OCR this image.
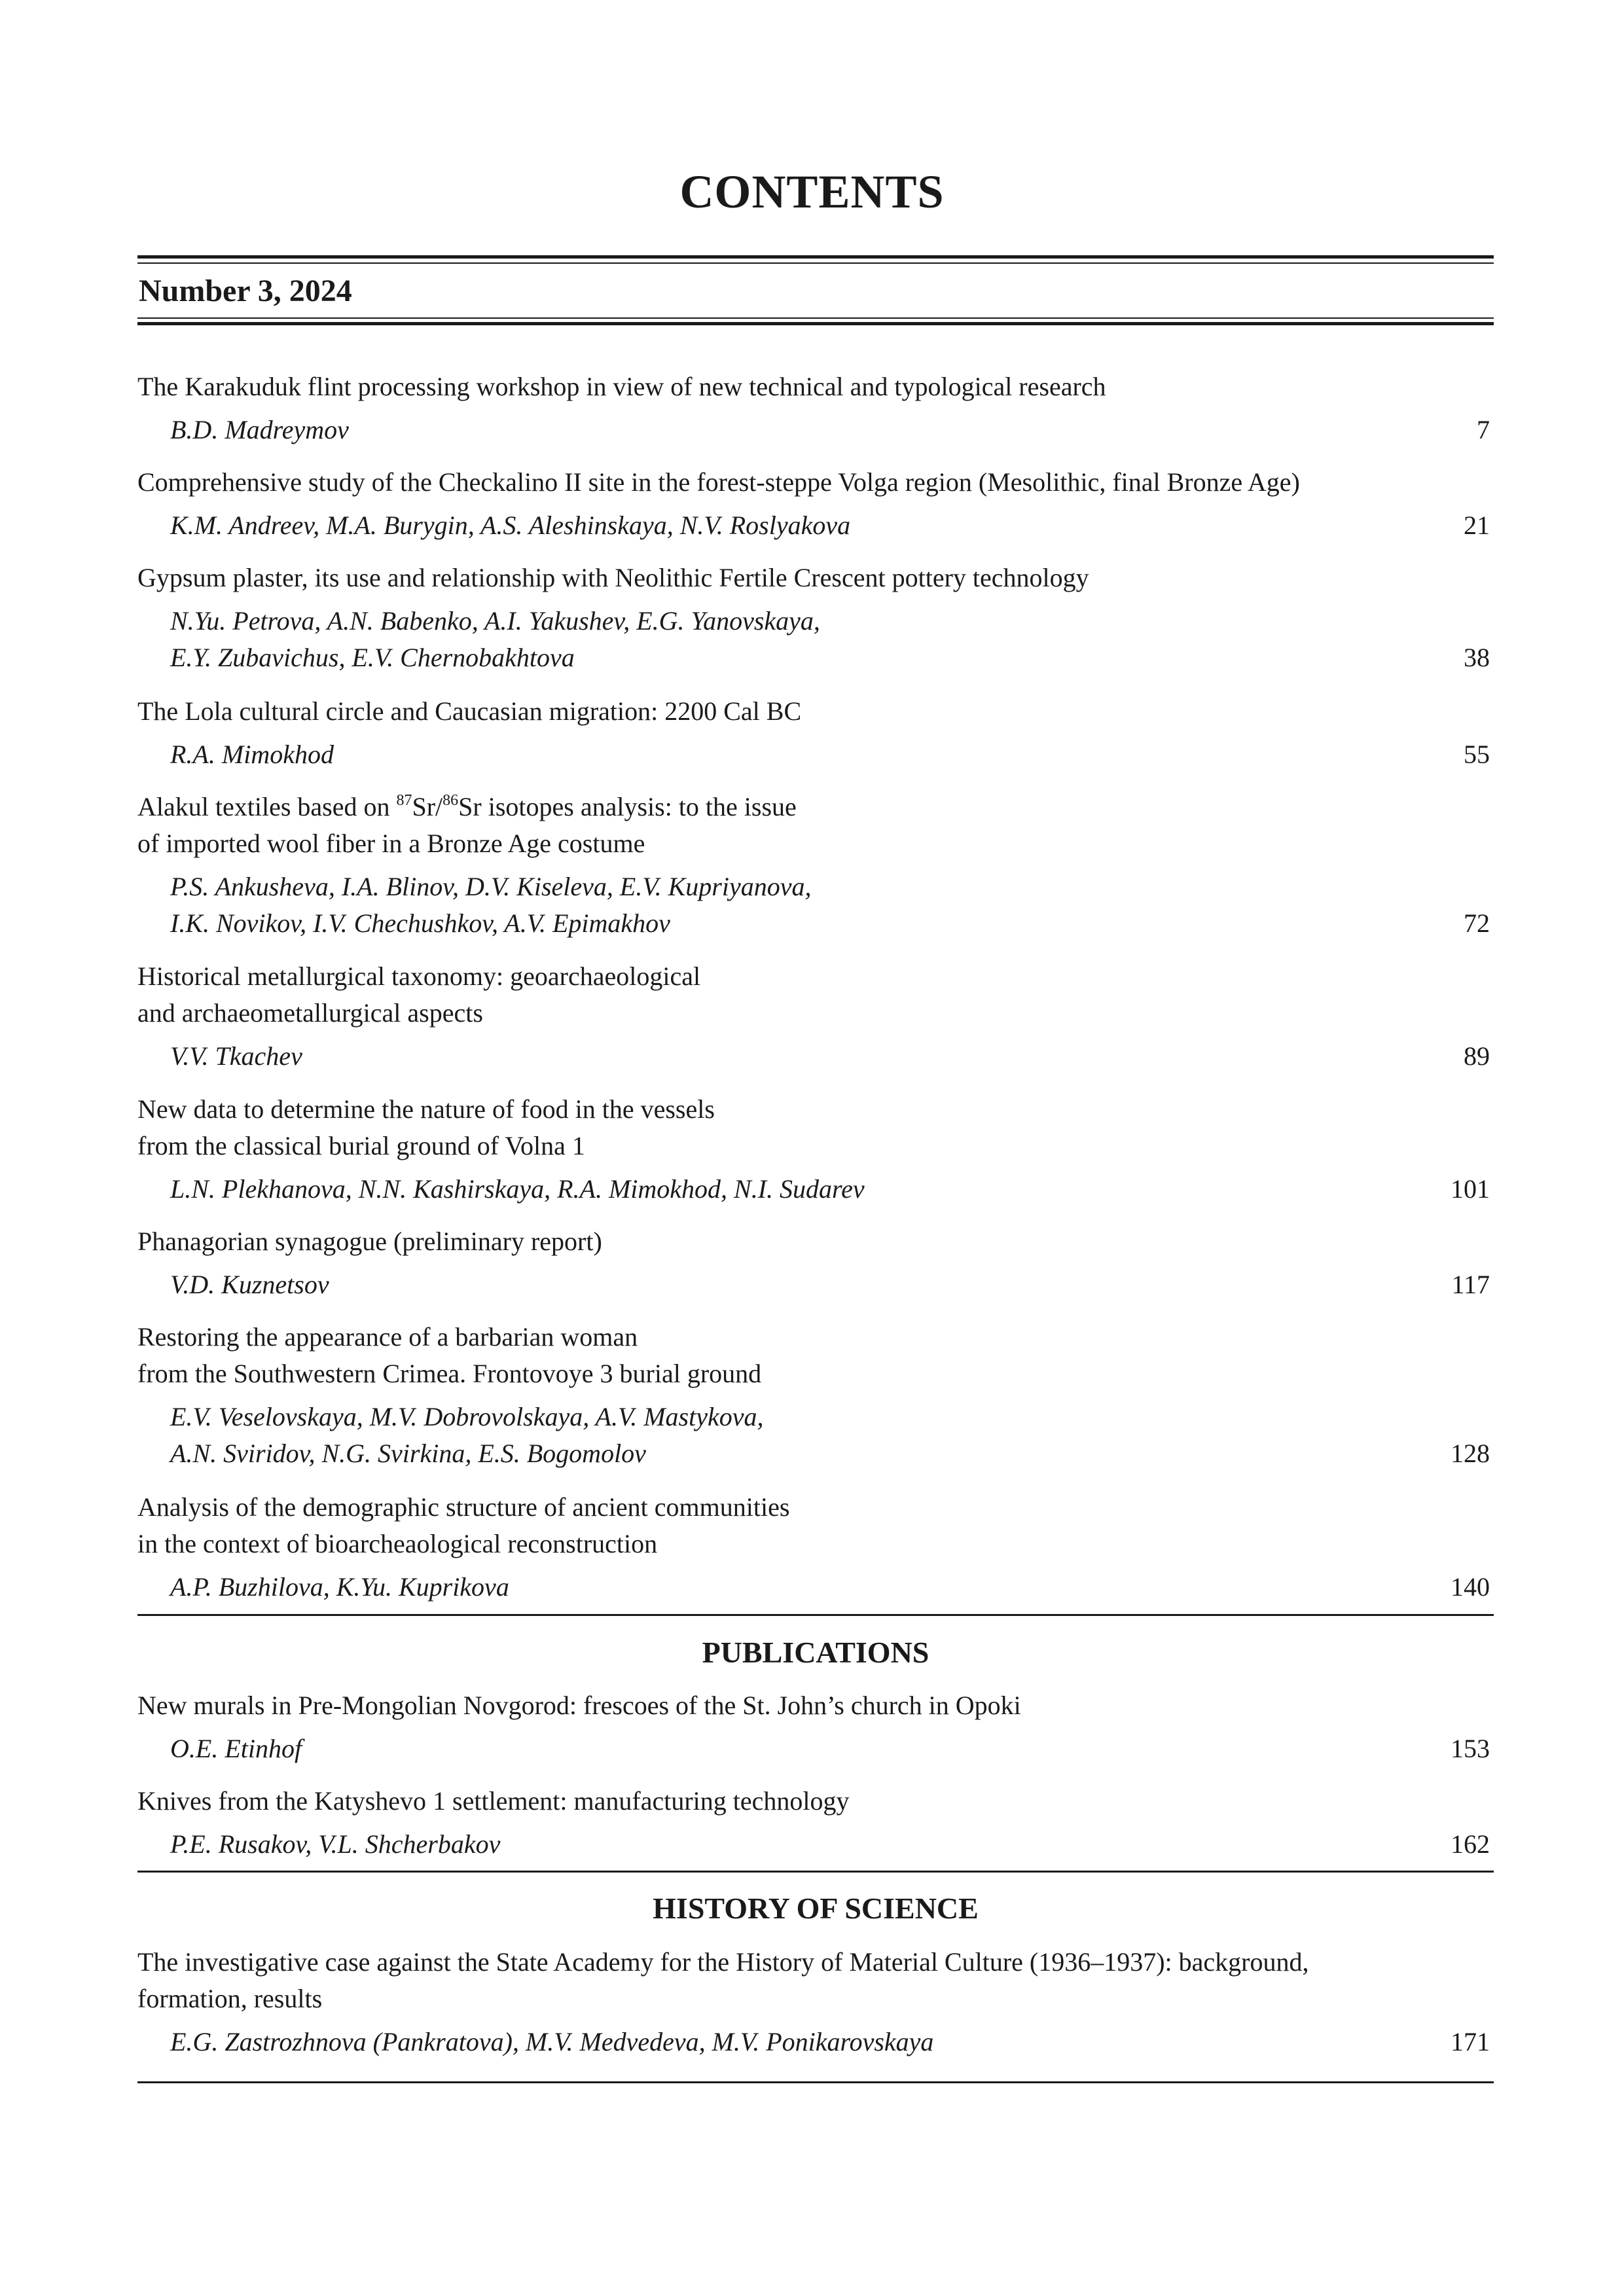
CONTENTS
Number 3, 2024
The Karakuduk flint processing workshop in view of new technical and typological research
B.D. Madreymov	7
Comprehensive study of the Checkalino II site in the forest-steppe Volga region (Mesolithic, final Bronze Age)
K.M. Andreev, M.A. Burygin, A.S. Aleshinskaya, N.V. Roslyakova	21
Gypsum plaster, its use and relationship with Neolithic Fertile Crescent pottery technology
N.Yu. Petrova, A.N. Babenko, A.I. Yakushev, E.G. Yanovskaya,
E.Y. Zubavichus, E.V. Chernobakhtova	38
The Lola cultural circle and Caucasian migration: 2200 Cal BC
R.A. Mimokhod	55
Alakul textiles based on $^{87}$Sr/$^{86}$Sr isotopes analysis: to the issue
of imported wool fiber in a Bronze Age costume
P.S. Ankusheva, I.A. Blinov, D.V. Kiseleva, E.V. Kupriyanova,
I.K. Novikov, I.V. Chechushkov, A.V. Epimakhov	72
Historical metallurgical taxonomy: geoarchaeological
and archaeometallurgical aspects
V.V. Tkachev	89
New data to determine the nature of food in the vessels
from the classical burial ground of Volna 1
L.N. Plekhanova, N.N. Kashirskaya, R.A. Mimokhod, N.I. Sudarev	101
Phanagorian synagogue (preliminary report)
V.D. Kuznetsov	117
Restoring the appearance of a barbarian woman
from the Southwestern Crimea. Frontovoye 3 burial ground
E.V. Veselovskaya, M.V. Dobrovolskaya, A.V. Mastykova,
A.N. Sviridov, N.G. Svirkina, E.S. Bogomolov	128
Analysis of the demographic structure of ancient communities
in the context of bioarcheaological reconstruction
A.P. Buzhilova, K.Yu. Kuprikova	140
PUBLICATIONS
New murals in Pre-Mongolian Novgorod: frescoes of the St. John’s church in Opoki
O.E. Etinhof	153
Knives from the Katyshevo 1 settlement: manufacturing technology
P.E. Rusakov, V.L. Shcherbakov	162
HISTORY OF SCIENCE
The investigative case against the State Academy for the History of Material Culture (1936–1937): background,
formation, results
E.G. Zastrozhnova (Pankratova), M.V. Medvedeva, M.V. Ponikarovskaya	171
